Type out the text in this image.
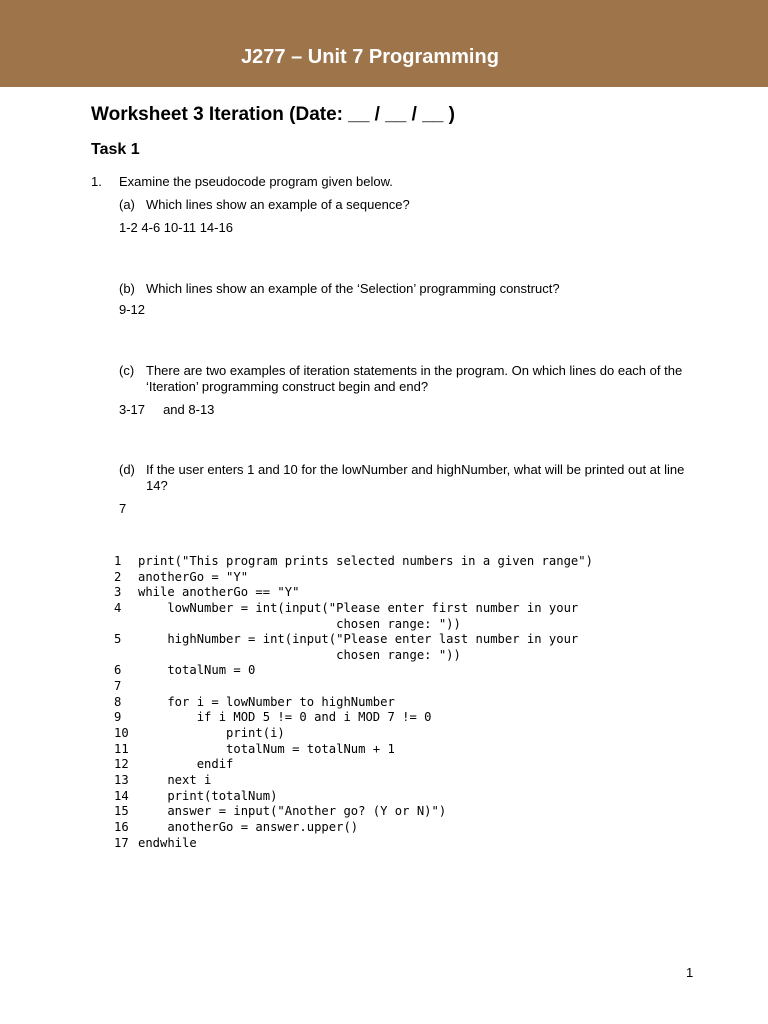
J277 – Unit 7 Programming
Worksheet 3 Iteration (Date: __ / __ / __ )
Task 1
1. Examine the pseudocode program given below.
(a) Which lines show an example of a sequence?
1-2 4-6 10-11 14-16
(b) Which lines show an example of the ‘Selection’ programming construct?
9-12
(c) There are two examples of iteration statements in the program. On which lines do each of the ‘Iteration’ programming construct begin and end?
3-17     and 8-13
(d) If the user enters 1 and 10 for the lowNumber and highNumber, what will be printed out at line 14?
7
1 print("This program prints selected numbers in a given range")
2 anotherGo = "Y"
3 while anotherGo == "Y"
4 lowNumber = int(input("Please enter first number in your
chosen range: "))
5 highNumber = int(input("Please enter last number in your
chosen range: "))
6 totalNum = 0
7
8 for i = lowNumber to highNumber
9 if i MOD 5 != 0 and i MOD 7 != 0
10 print(i)
11 totalNum = totalNum + 1
12 endif
13 next i
14 print(totalNum)
15 answer = input("Another go? (Y or N)")
16 anotherGo = answer.upper()
17 endwhile
1
